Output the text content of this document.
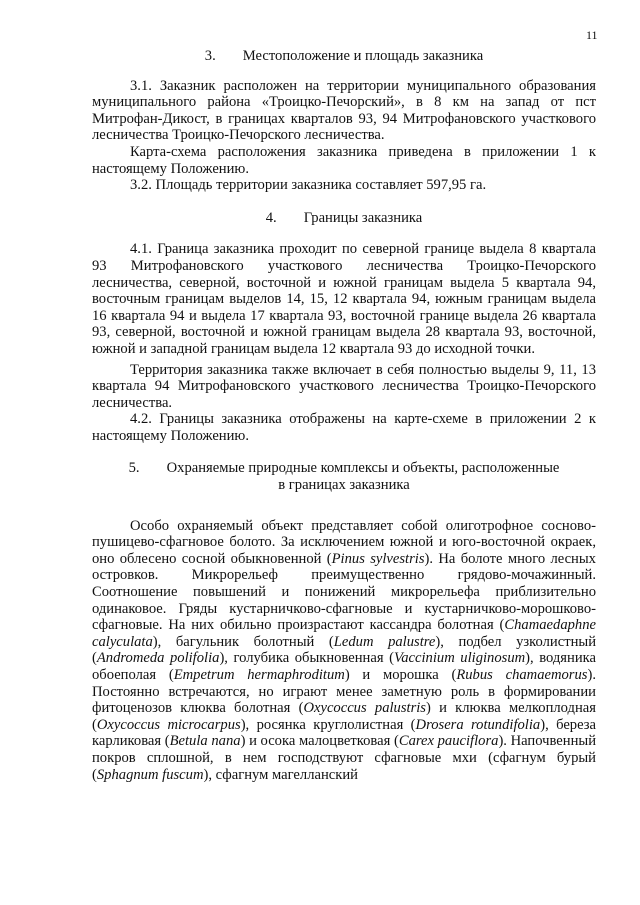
11
3. Местоположение и площадь заказника

3.1. Заказник расположен на территории муниципального образования муниципального района «Троицко-Печорский», в 8 км на запад от пст Митрофан-Дикост, в границах кварталов 93, 94 Митрофановского участкового лесничества Троицко-Печорского лесничества.

Карта-схема расположения заказника приведена в приложении 1 к настоящему Положению.

3.2. Площадь территории заказника составляет 597,95 га.

4. Границы заказника

4.1. Граница заказника проходит по северной границе выдела 8 квартала 93 Митрофановского участкового лесничества Троицко-Печорского лесничества, северной, восточной и южной границам выдела 5 квартала 94, восточным границам выделов 14, 15, 12 квартала 94, южным границам выдела 16 квартала 94 и выдела 17 квартала 93, восточной границе выдела 26 квартала 93, северной, восточной и южной границам выдела 28 квартала 93, восточной, южной и западной границам выдела 12 квартала 93 до исходной точки.

Территория заказника также включает в себя полностью выделы 9, 11, 13 квартала 94 Митрофановского участкового лесничества Троицко-Печорского лесничества.

4.2. Границы заказника отображены на карте-схеме в приложении 2 к настоящему Положению.

5. Охраняемые природные комплексы и объекты, расположенные
в границах заказника

Особо охраняемый объект представляет собой олиготрофное сосново-пушицево-сфагновое болото. За исключением южной и юго-восточной окраек, оно облесено сосной обыкновенной (Pinus sylvestris). На болоте много лесных островков. Микрорельеф преимущественно грядово-мочажинный. Соотношение повышений и понижений микрорельефа приблизительно одинаковое. Гряды кустарничково-сфагновые и кустарничково-морошково-сфагновые. На них обильно произрастают кассандра болотная (Chamaedaphne calyculata), багульник болотный (Ledum palustre), подбел узколистный (Andromeda polifolia), голубика обыкновенная (Vaccinium uliginosum), водяника обоеполая (Empetrum hermaphroditum) и морошка (Rubus chamaemorus). Постоянно встречаются, но играют менее заметную роль в формировании фитоценозов клюква болотная (Oxycoccus palustris) и клюква мелкоплодная (Oxycoccus microcarpus), росянка круглолистная (Drosera rotundifolia), береза карликовая (Betula nana) и осока малоцветковая (Carex pauciflora). Напочвенный покров сплошной, в нем господствуют сфагновые мхи (сфагнум бурый (Sphagnum fuscum), сфагнум магелланский
